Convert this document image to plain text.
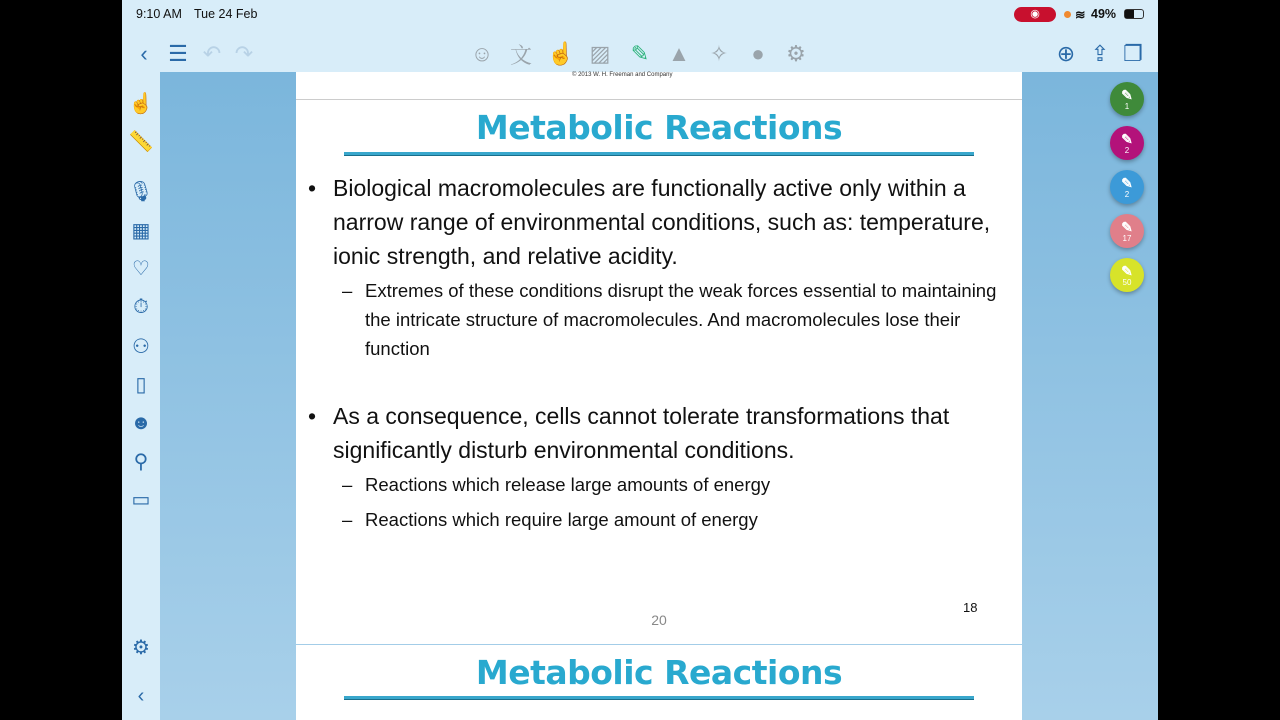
9:10 AM Tue 24 Feb	◉	≋ 49%
‹ ☰ ↶ ↷	☺ 文 ☝ ▨ ✎ ▲ ✧	● ⚙	⊕ ⇪ ❐
☝
📏
🎙
▦
♡
⏱
⚇
▯
☻
⚲
▭
⚙
‹
© 2013 W. H. Freeman and Company
Metabolic Reactions
• Biological macromolecules are functionally active only within a narrow range of environmental conditions, such as: temperature, ionic strength, and relative acidity.
– Extremes of these conditions disrupt the weak forces essential to maintaining the intricate structure of macromolecules. And macromolecules lose their function
• As a consequence, cells cannot tolerate transformations that significantly disturb environmental conditions.
– Reactions which release large amounts of energy
– Reactions which require large amount of energy
18
20
Metabolic Reactions
✎
1
✎
2
✎
2
✎
17
✎
50
